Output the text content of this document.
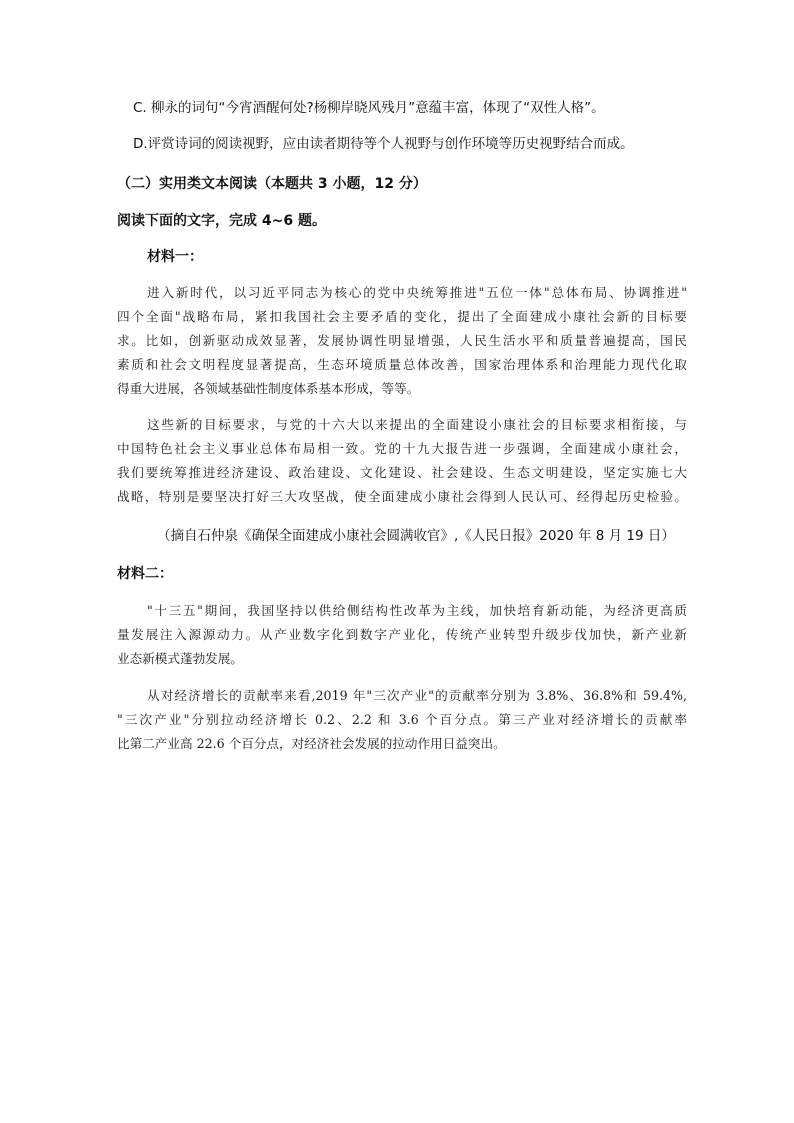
C. 柳永的词句“今宵酒醒何处?杨柳岸晓风残月”意蕴丰富，体现了“双性人格”。
D.评赏诗词的阅读视野，应由读者期待等个人视野与创作环境等历史视野结合而成。
（二）实用类文本阅读（本题共 3 小题，12 分）
阅读下面的文字，完成 4~6 题。
材料一：
进入新时代，以习近平同志为核心的党中央统筹推进"五位一体"总体布局、协调推进"
四个全面"战略布局，紧扣我国社会主要矛盾的变化，提出了全面建成小康社会新的目标要
求。比如，创新驱动成效显著，发展协调性明显增强，人民生活水平和质量普遍提高，国民
素质和社会文明程度显著提高，生态环境质量总体改善，国家治理体系和治理能力现代化取
得重大进展，各领域基础性制度体系基本形成，等等。
这些新的目标要求，与党的十六大以来提出的全面建设小康社会的目标要求相衔接，与
中国特色社会主义事业总体布局相一致。党的十九大报告进一步强调，全面建成小康社会，
我们要统筹推进经济建设、政治建设、文化建设、社会建设、生态文明建设，坚定实施七大
战略，特别是要坚决打好三大攻坚战，使全面建成小康社会得到人民认可、经得起历史检验。
（摘自石仲泉《确保全面建成小康社会圆满收官》,《人民日报》2020 年 8 月 19 日）
材料二：
"十三五"期间，我国坚持以供给侧结构性改革为主线，加快培育新动能，为经济更高质
量发展注入源源动力。从产业数字化到数字产业化，传统产业转型升级步伐加快，新产业新
业态新模式蓬勃发展。
从对经济增长的贡献率来看,2019 年"三次产业"的贡献率分别为 3.8%、36.8%和 59.4%,
"三次产业"分别拉动经济增长 0.2、2.2 和 3.6 个百分点。第三产业对经济增长的贡献率
比第二产业高 22.6 个百分点，对经济社会发展的拉动作用日益突出。
